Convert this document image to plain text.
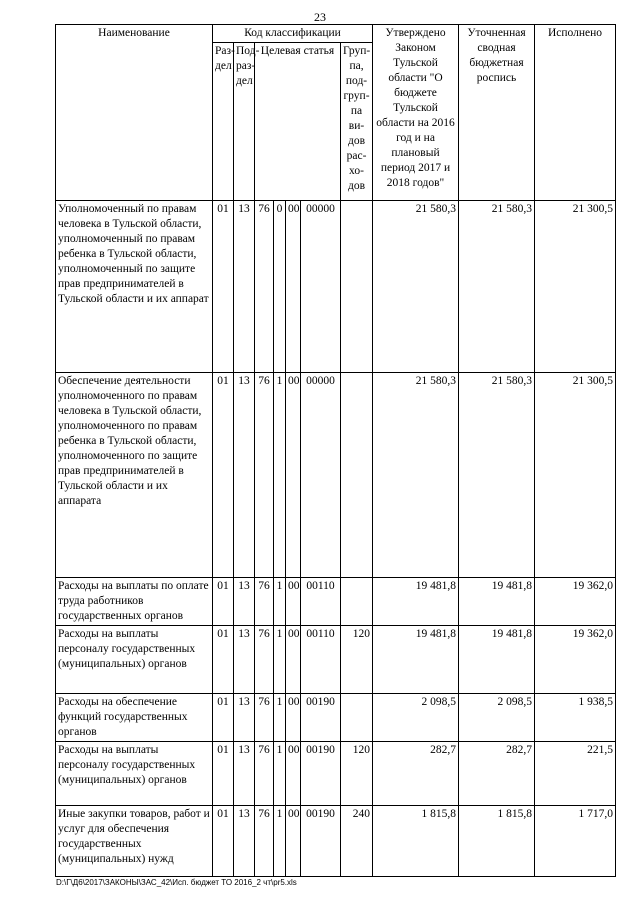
23
Наименование	Код классификации							Утверждено Законом Тульской области "О бюджете Тульской области на 2016 год и на плановый период 2017 и 2018 годов"	Уточненная сводная бюджетная роспись	Исполнено
	Раз-дел	Под-раз-дел	Целевая статья				Груп-па, под-груп-па ви-дов рас-хо-дов			
Уполномоченный по правам человека в Тульской области, уполномоченный по правам ребенка в Тульской области, уполномоченный по защите прав предпринимателей в Тульской области и их аппарат	01	13	76	0	00	00000		21 580,3	21 580,3	21 300,5
Обеспечение деятельности уполномоченного по правам человека в Тульской области, уполномоченного по правам ребенка в Тульской области, уполномоченного по защите прав предпринимателей в Тульской области и их аппарата	01	13	76	1	00	00000		21 580,3	21 580,3	21 300,5
Расходы на выплаты по оплате труда работников государственных органов	01	13	76	1	00	00110		19 481,8	19 481,8	19 362,0
Расходы на выплаты персоналу государственных (муниципальных) органов	01	13	76	1	00	00110	120	19 481,8	19 481,8	19 362,0
Расходы на обеспечение функций государственных органов	01	13	76	1	00	00190		2 098,5	2 098,5	1 938,5
Расходы на выплаты персоналу государственных (муниципальных) органов	01	13	76	1	00	00190	120	282,7	282,7	221,5
Иные закупки товаров, работ и услуг для обеспечения государственных (муниципальных) нужд	01	13	76	1	00	00190	240	1 815,8	1 815,8	1 717,0
D:\Г\Д6\2017\ЗАКОНЫ\ЗАС_42\Исп. бюджет ТО 2016_2 чт\pr5.xls
